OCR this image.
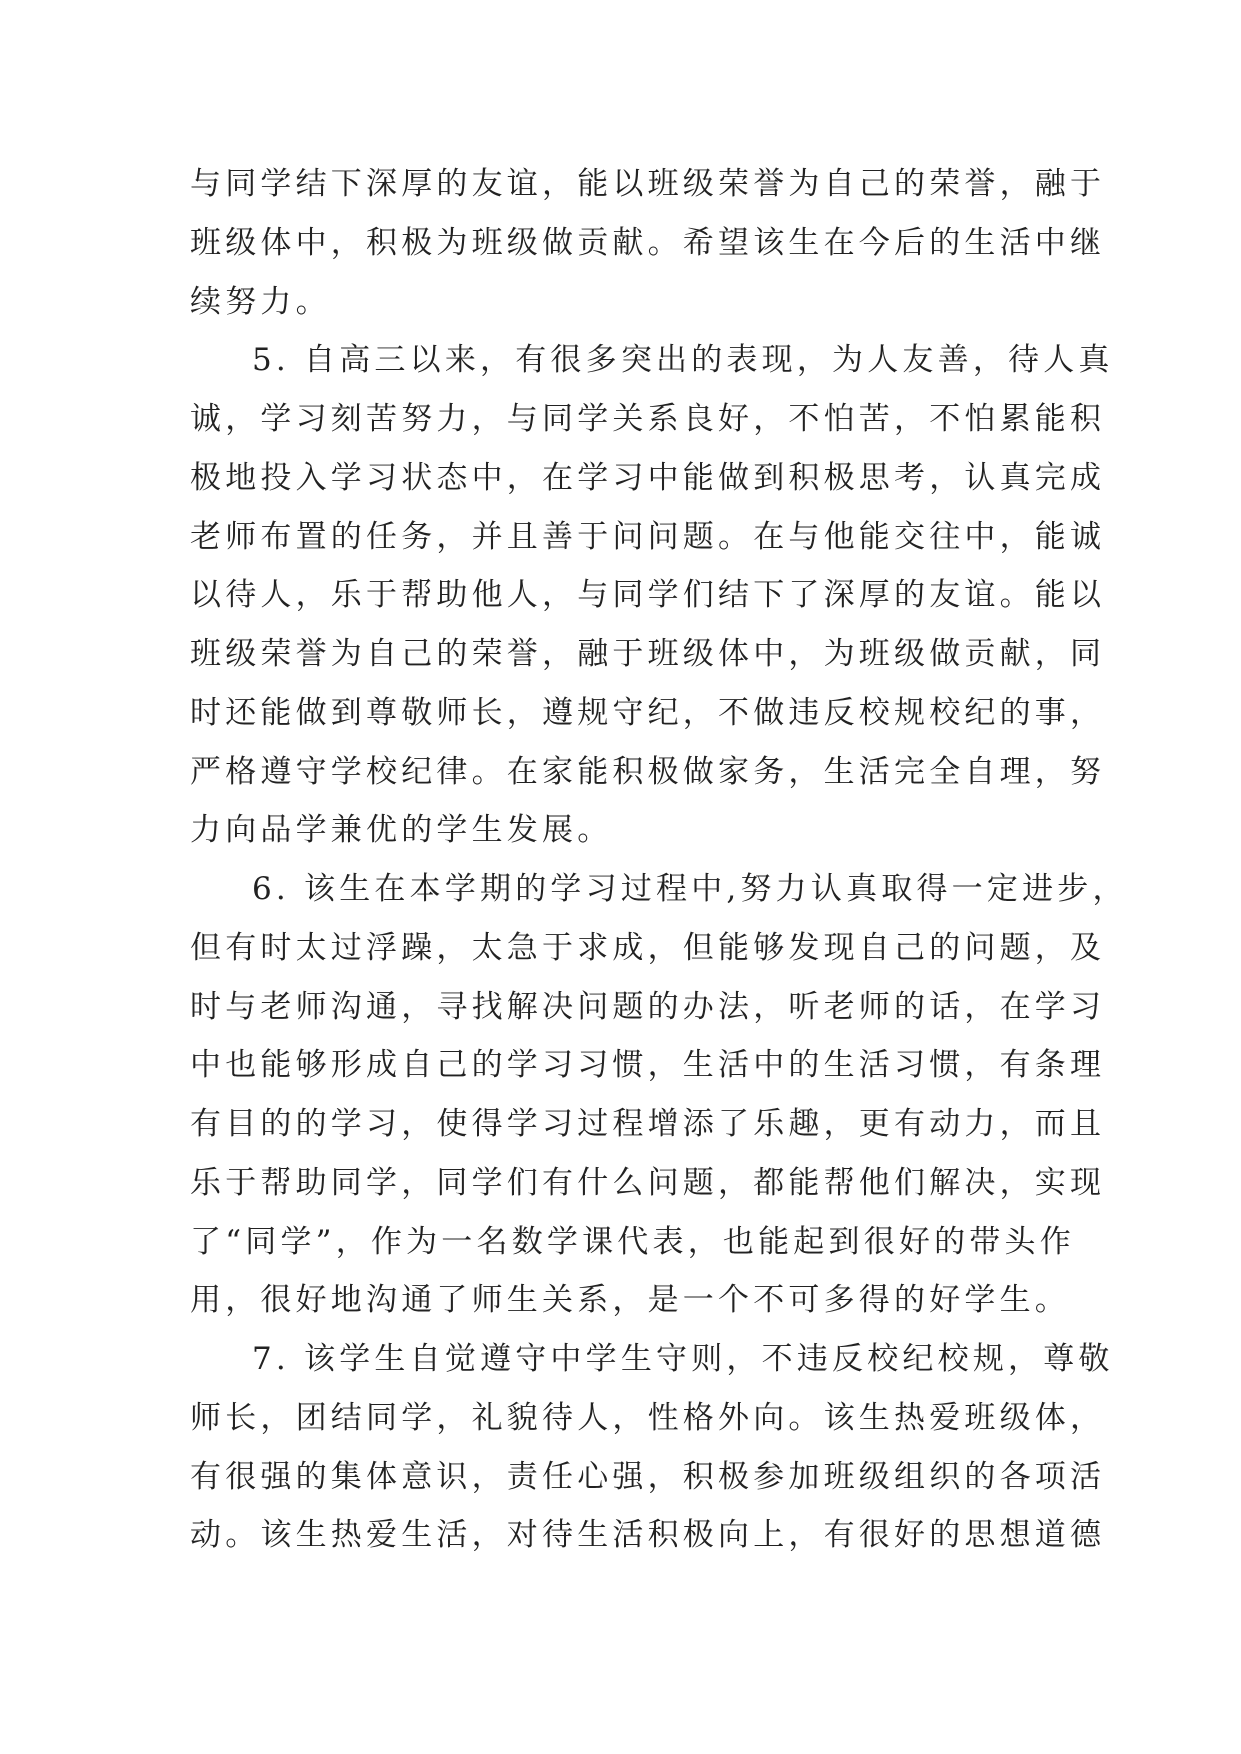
与同学结下深厚的友谊，能以班级荣誉为自己的荣誉，融于
班级体中，积极为班级做贡献。希望该生在今后的生活中继
续努力。
5. 自高三以来，有很多突出的表现，为人友善，待人真
诚，学习刻苦努力，与同学关系良好，不怕苦，不怕累能积
极地投入学习状态中，在学习中能做到积极思考，认真完成
老师布置的任务，并且善于问问题。在与他能交往中，能诚
以待人，乐于帮助他人，与同学们结下了深厚的友谊。能以
班级荣誉为自己的荣誉，融于班级体中，为班级做贡献，同
时还能做到尊敬师长，遵规守纪，不做违反校规校纪的事，
严格遵守学校纪律。在家能积极做家务，生活完全自理，努
力向品学兼优的学生发展。
6. 该生在本学期的学习过程中,努力认真取得一定进步，
但有时太过浮躁，太急于求成，但能够发现自己的问题，及
时与老师沟通，寻找解决问题的办法，听老师的话，在学习
中也能够形成自己的学习习惯，生活中的生活习惯，有条理
有目的的学习，使得学习过程增添了乐趣，更有动力，而且
乐于帮助同学，同学们有什么问题，都能帮他们解决，实现
了“同学”，作为一名数学课代表，也能起到很好的带头作
用，很好地沟通了师生关系，是一个不可多得的好学生。
7. 该学生自觉遵守中学生守则，不违反校纪校规，尊敬
师长，团结同学，礼貌待人，性格外向。该生热爱班级体，
有很强的集体意识，责任心强，积极参加班级组织的各项活
动。该生热爱生活，对待生活积极向上，有很好的思想道德
